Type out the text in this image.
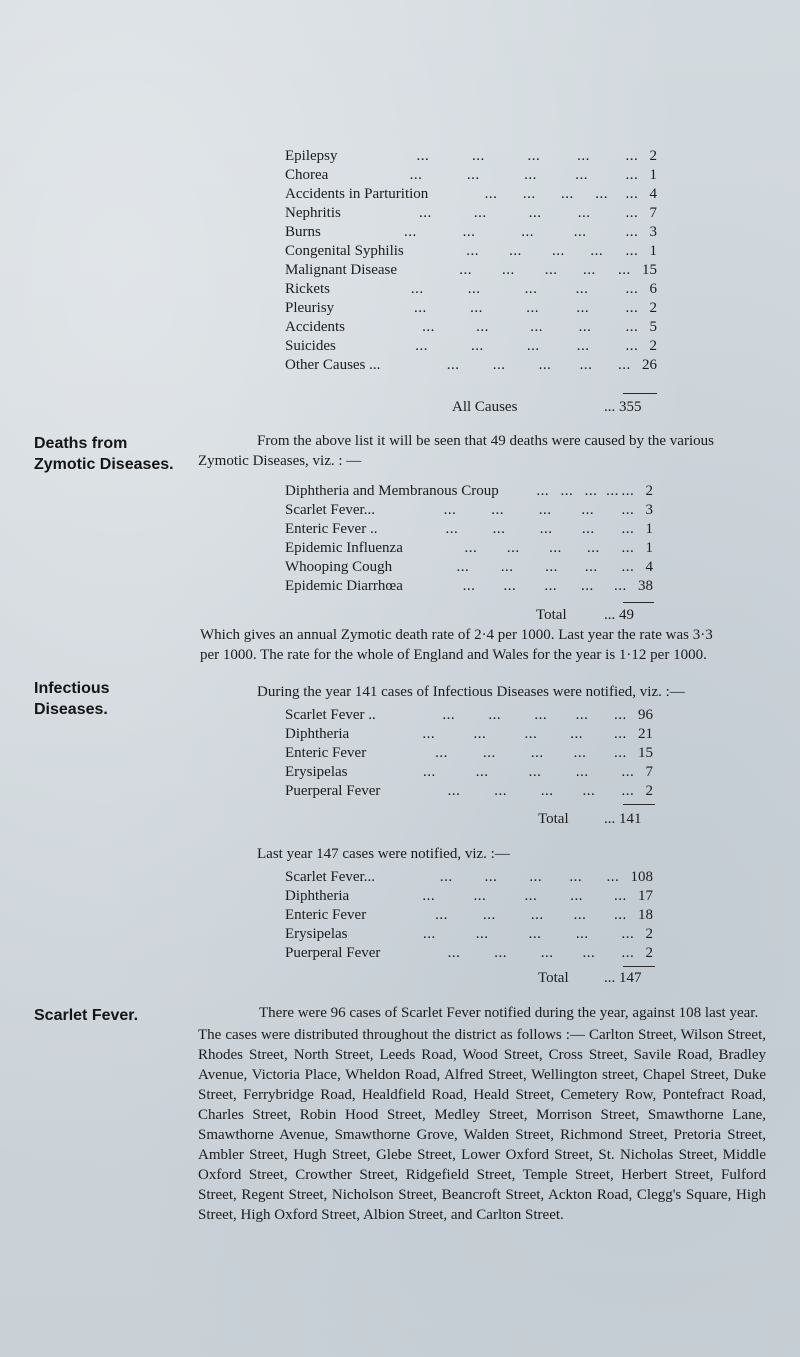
Epilepsy	2
...	...	... ... ...
Chorea	1
...	...	...	... ...
Accidents in Parturition	4
... ... ... ... ...
Nephritis	7
...	...	... ... ...
Burns	3
...	...	...	...	...
Congenital Syphilis	1
... ... ... ... ...
Malignant Disease	15
... ... ... ... ...
Rickets	6
...	...	...	... ...
Pleurisy	2
...	...	... ... ...
Accidents	5
...	...	... ... ...
Suicides	2
...	...	... ... ...
Other Causes ...	26
... ... ... ... ...
All Causes	... 355
Deaths from
Zymotic Diseases.
From the above list it will be seen that 49 deaths were caused by the various
Zymotic Diseases, viz. : —
Diphtheria and Membranous Croup	2
... ... ... ... ...
Scarlet Fever...	3
... ... ... ... ...
Enteric Fever ..	1
... ... ... ... ...
Epidemic Influenza	1
... ... ... ... ...
Whooping Cough	4
... ... ... ... ...
Epidemic Diarrhœa	38
... ... ... ... ...
Total ... 49
Which gives an annual Zymotic death rate of 2·4 per 1000. Last year the rate was 3·3
per 1000. The rate for the whole of England and Wales for the year is 1·12 per 1000.
Infectious
Diseases.
During the year 141 cases of Infectious Diseases were notified, viz. :—
Scarlet Fever ..	96
... ... ... ... ...
Diphtheria	21
...	...	... ... ...
Enteric Fever	15
... ... ... ... ...
Erysipelas	7
...	...	... ... ...
Puerperal Fever	2
... ... ... ... ...
Total ... 141
Last year 147 cases were notified, viz. :—
Scarlet Fever...	108
... ... ... ... ...
Diphtheria	17
...	...	... ... ...
Enteric Fever	18
... ... ... ... ...
Erysipelas	2
...	...	... ... ...
Puerperal Fever	2
... ... ... ... ...
Total ... 147
Scarlet Fever.	There were 96 cases of Scarlet Fever notified during the year, against 108 last year.
The cases were distributed throughout the district as follows :— Carlton Street, Wilson Street, Rhodes Street, North Street, Leeds Road, Wood Street, Cross Street, Savile Road, Bradley Avenue, Victoria Place, Wheldon Road, Alfred Street, Wellington street, Chapel Street, Duke Street, Ferrybridge Road, Healdfield Road, Heald Street, Cemetery Row, Pontefract Road, Charles Street, Robin Hood Street, Medley Street, Morrison Street, Smawthorne Lane, Smawthorne Avenue, Smawthorne Grove, Walden Street, Richmond Street, Pretoria Street, Ambler Street, Hugh Street, Glebe Street, Lower Oxford Street, St. Nicholas Street, Middle Oxford Street, Crowther Street, Ridgefield Street, Temple Street, Herbert Street, Fulford Street, Regent Street, Nicholson Street, Beancroft Street, Ackton Road, Clegg's Square, High Street, High Oxford Street, Albion Street, and Carlton Street.
